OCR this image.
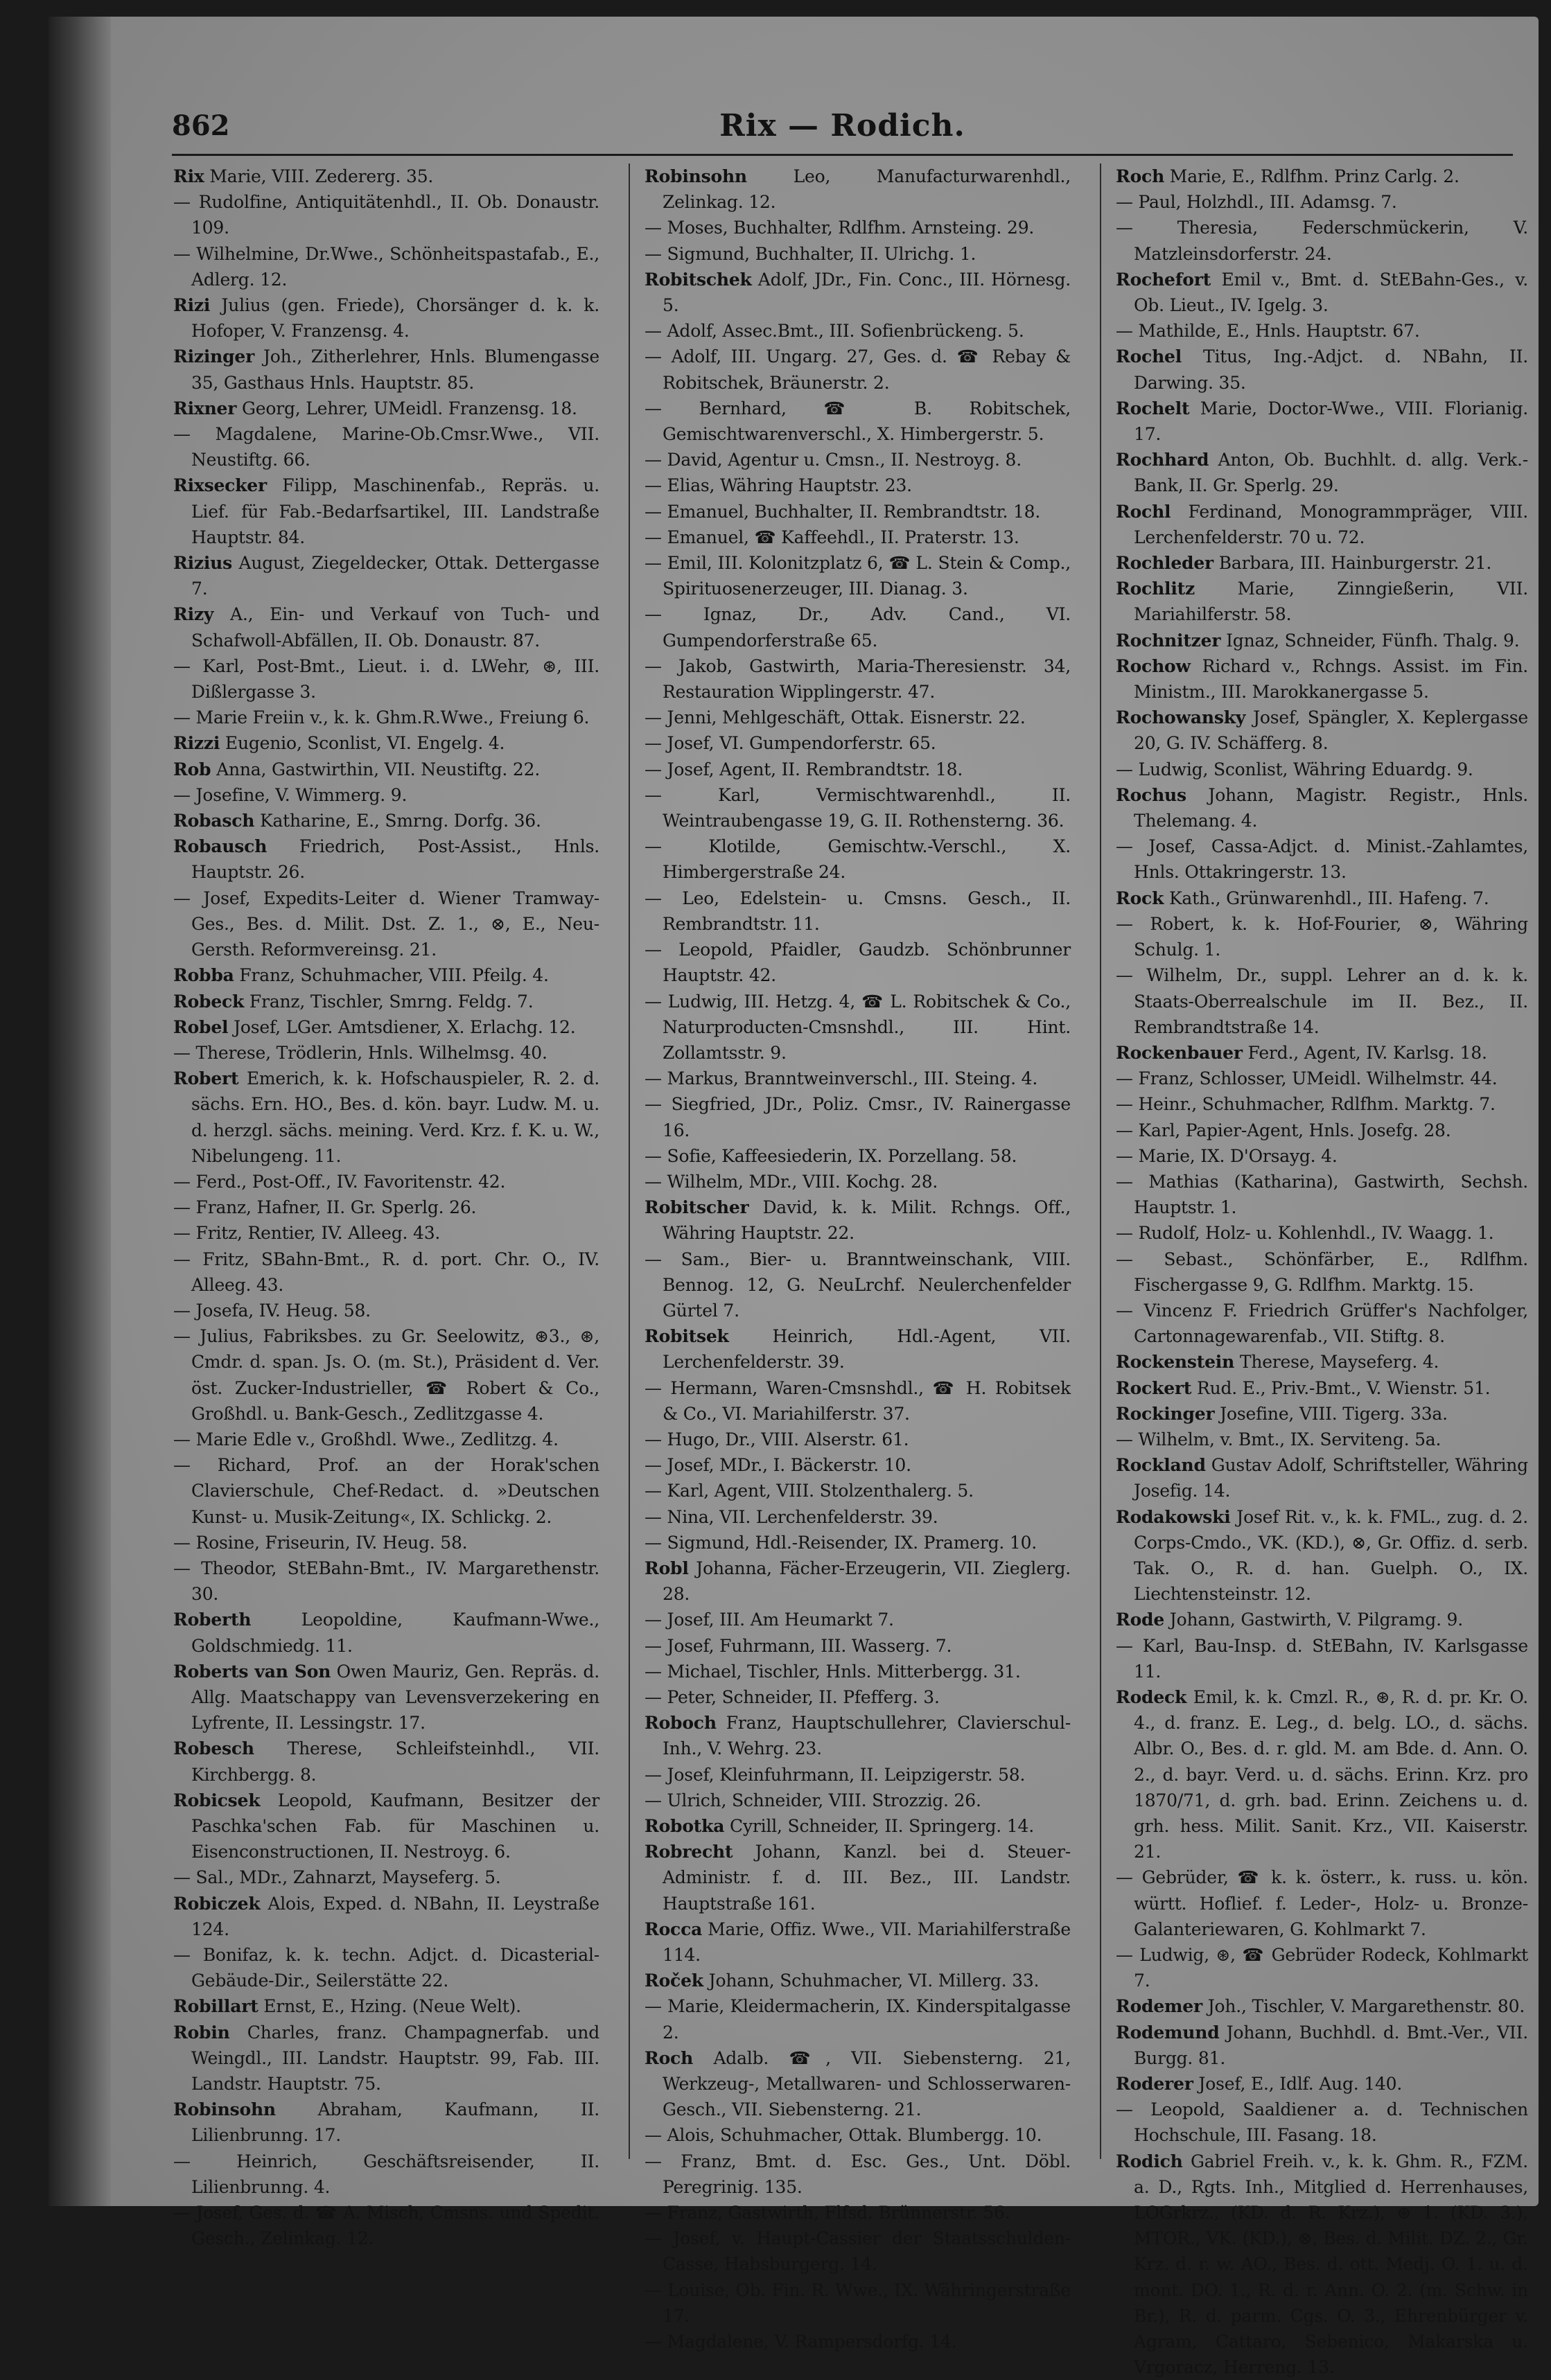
862	Rix — Rodich.

Rix Marie, VIII. Zedererg. 35.

— Rudolfine, Antiquitätenhdl., II. Ob. Donaustr. 109.

— Wilhelmine, Dr.Wwe., Schönheitspastafab., E., Adlerg. 12.

Rizi Julius (gen. Friede), Chorsänger d. k. k. Hofoper, V. Franzensg. 4.

Rizinger Joh., Zitherlehrer, Hnls. Blumengasse 35, Gasthaus Hnls. Hauptstr. 85.

Rixner Georg, Lehrer, UMeidl. Franzensg. 18.

— Magdalene, Marine-Ob.Cmsr.Wwe., VII. Neustiftg. 66.

Rixsecker Filipp, Maschinenfab., Repräs. u. Lief. für Fab.-Bedarfsartikel, III. Landstraße Hauptstr. 84.

Rizius August, Ziegeldecker, Ottak. Dettergasse 7.

Rizy A., Ein- und Verkauf von Tuch- und Schafwoll-Abfällen, II. Ob. Donaustr. 87.

— Karl, Post-Bmt., Lieut. i. d. LWehr, ⊛, III. Dißlergasse 3.

— Marie Freiin v., k. k. Ghm.R.Wwe., Freiung 6.

Rizzi Eugenio, Sconlist, VI. Engelg. 4.

Rob Anna, Gastwirthin, VII. Neustiftg. 22.

— Josefine, V. Wimmerg. 9.

Robasch Katharine, E., Smrng. Dorfg. 36.

Robausch Friedrich, Post-Assist., Hnls. Hauptstr. 26.

— Josef, Expedits-Leiter d. Wiener Tramway-Ges., Bes. d. Milit. Dst. Z. 1., ⊗, E., Neu-Gersth. Reformvereinsg. 21.

Robba Franz, Schuhmacher, VIII. Pfeilg. 4.

Robeck Franz, Tischler, Smrng. Feldg. 7.

Robel Josef, LGer. Amtsdiener, X. Erlachg. 12.

— Therese, Trödlerin, Hnls. Wilhelmsg. 40.

Robert Emerich, k. k. Hofschauspieler, R. 2. d. sächs. Ern. HO., Bes. d. kön. bayr. Ludw. M. u. d. herzgl. sächs. meining. Verd. Krz. f. K. u. W., Nibelungeng. 11.

— Ferd., Post-Off., IV. Favoritenstr. 42.

— Franz, Hafner, II. Gr. Sperlg. 26.

— Fritz, Rentier, IV. Alleeg. 43.

— Fritz, SBahn-Bmt., R. d. port. Chr. O., IV. Alleeg. 43.

— Josefa, IV. Heug. 58.

— Julius, Fabriksbes. zu Gr. Seelowitz, ⊛3., ⊛, Cmdr. d. span. Js. O. (m. St.), Präsident d. Ver. öst. Zucker-Industrieller, ☎ Robert & Co., Großhdl. u. Bank-Gesch., Zedlitzgasse 4.

— Marie Edle v., Großhdl. Wwe., Zedlitzg. 4.

— Richard, Prof. an der Horak'schen Clavierschule, Chef-Redact. d. »Deutschen Kunst- u. Musik-Zeitung«, IX. Schlickg. 2.

— Rosine, Friseurin, IV. Heug. 58.

— Theodor, StEBahn-Bmt., IV. Margarethenstr. 30.

Roberth Leopoldine, Kaufmann-Wwe., Goldschmiedg. 11.

Roberts van Son Owen Mauriz, Gen. Repräs. d. Allg. Maatschappy van Levensverzekering en Lyfrente, II. Lessingstr. 17.

Robesch Therese, Schleifsteinhdl., VII. Kirchbergg. 8.

Robicsek Leopold, Kaufmann, Besitzer der Paschka'schen Fab. für Maschinen u. Eisenconstructionen, II. Nestroyg. 6.

— Sal., MDr., Zahnarzt, Mayseferg. 5.

Robiczek Alois, Exped. d. NBahn, II. Leystraße 124.

— Bonifaz, k. k. techn. Adjct. d. Dicasterial-Gebäude-Dir., Seilerstätte 22.

Robillart Ernst, E., Hzing. (Neue Welt).

Robin Charles, franz. Champagnerfab. und Weingdl., III. Landstr. Hauptstr. 99, Fab. III. Landstr. Hauptstr. 75.

Robinsohn Abraham, Kaufmann, II. Lilienbrunng. 17.

— Heinrich, Geschäftsreisender, II. Lilienbrunng. 4.

— Josef, Ges. d. ☎ A. Misch, Cmsns. und Spedit. Gesch., Zelinkag. 12.

Robinsohn Leo, Manufacturwarenhdl., Zelinkag. 12.

— Moses, Buchhalter, Rdlfhm. Arnsteing. 29.

— Sigmund, Buchhalter, II. Ulrichg. 1.

Robitschek Adolf, JDr., Fin. Conc., III. Hörnesg. 5.

— Adolf, Assec.Bmt., III. Sofienbrückeng. 5.

— Adolf, III. Ungarg. 27, Ges. d. ☎ Rebay & Robitschek, Bräunerstr. 2.

— Bernhard, ☎ B. Robitschek, Gemischtwarenverschl., X. Himbergerstr. 5.

— David, Agentur u. Cmsn., II. Nestroyg. 8.

— Elias, Währing Hauptstr. 23.

— Emanuel, Buchhalter, II. Rembrandtstr. 18.

— Emanuel, ☎ Kaffeehdl., II. Praterstr. 13.

— Emil, III. Kolonitzplatz 6, ☎ L. Stein & Comp., Spirituosenerzeuger, III. Dianag. 3.

— Ignaz, Dr., Adv. Cand., VI. Gumpendorferstraße 65.

— Jakob, Gastwirth, Maria-Theresienstr. 34, Restauration Wipplingerstr. 47.

— Jenni, Mehlgeschäft, Ottak. Eisnerstr. 22.

— Josef, VI. Gumpendorferstr. 65.

— Josef, Agent, II. Rembrandtstr. 18.

— Karl, Vermischtwarenhdl., II. Weintraubengasse 19, G. II. Rothensterng. 36.

— Klotilde, Gemischtw.-Verschl., X. Himbergerstraße 24.

— Leo, Edelstein- u. Cmsns. Gesch., II. Rembrandtstr. 11.

— Leopold, Pfaidler, Gaudzb. Schönbrunner Hauptstr. 42.

— Ludwig, III. Hetzg. 4, ☎ L. Robitschek & Co., Naturproducten-Cmsnshdl., III. Hint. Zollamtsstr. 9.

— Markus, Branntweinverschl., III. Steing. 4.

— Siegfried, JDr., Poliz. Cmsr., IV. Rainergasse 16.

— Sofie, Kaffeesiederin, IX. Porzellang. 58.

— Wilhelm, MDr., VIII. Kochg. 28.

Robitscher David, k. k. Milit. Rchngs. Off., Währing Hauptstr. 22.

— Sam., Bier- u. Branntweinschank, VIII. Bennog. 12, G. NeuLrchf. Neulerchenfelder Gürtel 7.

Robitsek Heinrich, Hdl.-Agent, VII. Lerchenfelderstr. 39.

— Hermann, Waren-Cmsnshdl., ☎ H. Robitsek & Co., VI. Mariahilferstr. 37.

— Hugo, Dr., VIII. Alserstr. 61.

— Josef, MDr., I. Bäckerstr. 10.

— Karl, Agent, VIII. Stolzenthalerg. 5.

— Nina, VII. Lerchenfelderstr. 39.

— Sigmund, Hdl.-Reisender, IX. Pramerg. 10.

Robl Johanna, Fächer-Erzeugerin, VII. Zieglerg. 28.

— Josef, III. Am Heumarkt 7.

— Josef, Fuhrmann, III. Wasserg. 7.

— Michael, Tischler, Hnls. Mitterbergg. 31.

— Peter, Schneider, II. Pfefferg. 3.

Roboch Franz, Hauptschullehrer, Clavierschul-Inh., V. Wehrg. 23.

— Josef, Kleinfuhrmann, II. Leipzigerstr. 58.

— Ulrich, Schneider, VIII. Strozzig. 26.

Robotka Cyrill, Schneider, II. Springerg. 14.

Robrecht Johann, Kanzl. bei d. Steuer-Administr. f. d. III. Bez., III. Landstr. Hauptstraße 161.

Rocca Marie, Offiz. Wwe., VII. Mariahilferstraße 114.

Roček Johann, Schuhmacher, VI. Millerg. 33.

— Marie, Kleidermacherin, IX. Kinderspitalgasse 2.

Roch Adalb. ☎, VII. Siebensterng. 21, Werkzeug-, Metallwaren- und Schlosserwaren-Gesch., VII. Siebensterng. 21.

— Alois, Schuhmacher, Ottak. Blumbergg. 10.

— Franz, Bmt. d. Esc. Ges., Unt. Döbl. Peregrinig. 135.

— Franz, Gastwirth, Flfsd. Brünnerstr. 56.

— Josef, v. Haupt-Cassier der Staatsschulden-Casse, Habsburgerg. 14.

— Louise, Ob. Fin. R. Wwe., IX. Währingerstraße 17.

— Magdalene, V. Rampersdorfg. 14.

Roch Marie, E., Rdlfhm. Prinz Carlg. 2.

— Paul, Holzhdl., III. Adamsg. 7.

— Theresia, Federschmückerin, V. Matzleinsdorferstr. 24.

Rochefort Emil v., Bmt. d. StEBahn-Ges., v. Ob. Lieut., IV. Igelg. 3.

— Mathilde, E., Hnls. Hauptstr. 67.

Rochel Titus, Ing.-Adjct. d. NBahn, II. Darwing. 35.

Rochelt Marie, Doctor-Wwe., VIII. Florianig. 17.

Rochhard Anton, Ob. Buchhlt. d. allg. Verk.-Bank, II. Gr. Sperlg. 29.

Rochl Ferdinand, Monogrammpräger, VIII. Lerchenfelderstr. 70 u. 72.

Rochleder Barbara, III. Hainburgerstr. 21.

Rochlitz Marie, Zinngießerin, VII. Mariahilferstr. 58.

Rochnitzer Ignaz, Schneider, Fünfh. Thalg. 9.

Rochow Richard v., Rchngs. Assist. im Fin. Ministm., III. Marokkanergasse 5.

Rochowansky Josef, Spängler, X. Keplergasse 20, G. IV. Schäfferg. 8.

— Ludwig, Sconlist, Währing Eduardg. 9.

Rochus Johann, Magistr. Registr., Hnls. Thelemang. 4.

— Josef, Cassa-Adjct. d. Minist.-Zahlamtes, Hnls. Ottakringerstr. 13.

Rock Kath., Grünwarenhdl., III. Hafeng. 7.

— Robert, k. k. Hof-Fourier, ⊗, Währing Schulg. 1.

— Wilhelm, Dr., suppl. Lehrer an d. k. k. Staats-Oberrealschule im II. Bez., II. Rembrandtstraße 14.

Rockenbauer Ferd., Agent, IV. Karlsg. 18.

— Franz, Schlosser, UMeidl. Wilhelmstr. 44.

— Heinr., Schuhmacher, Rdlfhm. Marktg. 7.

— Karl, Papier-Agent, Hnls. Josefg. 28.

— Marie, IX. D'Orsayg. 4.

— Mathias (Katharina), Gastwirth, Sechsh. Hauptstr. 1.

— Rudolf, Holz- u. Kohlenhdl., IV. Waagg. 1.

— Sebast., Schönfärber, E., Rdlfhm. Fischergasse 9, G. Rdlfhm. Marktg. 15.

— Vincenz F. Friedrich Grüffer's Nachfolger, Cartonnagewarenfab., VII. Stiftg. 8.

Rockenstein Therese, Mayseferg. 4.

Rockert Rud. E., Priv.-Bmt., V. Wienstr. 51.

Rockinger Josefine, VIII. Tigerg. 33a.

— Wilhelm, v. Bmt., IX. Servitеng. 5a.

Rockland Gustav Adolf, Schriftsteller, Währing Josefig. 14.

Rodakowski Josef Rit. v., k. k. FML., zug. d. 2. Corps-Cmdo., VK. (KD.), ⊗, Gr. Offiz. d. serb. Tak. O., R. d. han. Guelph. O., IX. Liechtensteinstr. 12.

Rode Johann, Gastwirth, V. Pilgramg. 9.

— Karl, Bau-Insp. d. StEBahn, IV. Karlsgasse 11.

Rodeck Emil, k. k. Cmzl. R., ⊛, R. d. pr. Kr. O. 4., d. franz. E. Leg., d. belg. LO., d. sächs. Albr. O., Bes. d. r. gld. M. am Bde. d. Ann. O. 2., d. bayr. Verd. u. d. sächs. Erinn. Krz. pro 1870/71, d. grh. bad. Erinn. Zeichens u. d. grh. hess. Milit. Sanit. Krz., VII. Kaiserstr. 21.

— Gebrüder, ☎ k. k. österr., k. russ. u. kön. württ. Hoflief. f. Leder-, Holz- u. Bronze-Galanteriewaren, G. Kohlmarkt 7.

— Ludwig, ⊛, ☎ Gebrüder Rodeck, Kohlmarkt 7.

Rodemer Joh., Tischler, V. Margarethenstr. 80.

Rodemund Johann, Buchhdl. d. Bmt.-Ver., VII. Burgg. 81.

Roderer Josef, E., Idlf. Aug. 140.

— Leopold, Saaldiener a. d. Technischen Hochschule, III. Fasang. 18.

Rodich Gabriel Freih. v., k. k. Ghm. R., FZM. a. D., Rgts. Inh., Mitglied d. Herrenhauses, LOGrkrz., (KD. d. R. Krz.), ⊛ 1. (KD. 3.), MTOR., VK. (KD.), ⊗, Bes. d. Milit. DZ. 2., Gr. Krz. d. r. w. AO., Bes. d. ott. Medj. O. 1. u. d. mont. DO. 1., R. d. r. Ann. O. 2. (m. Schw. in Br.), R. d. parm. Cgs. O. 3., Ehrenbürger v. Agram, Cattaro, Sebenico, Makarska u. Vrgoracz, Herreng. 13.
